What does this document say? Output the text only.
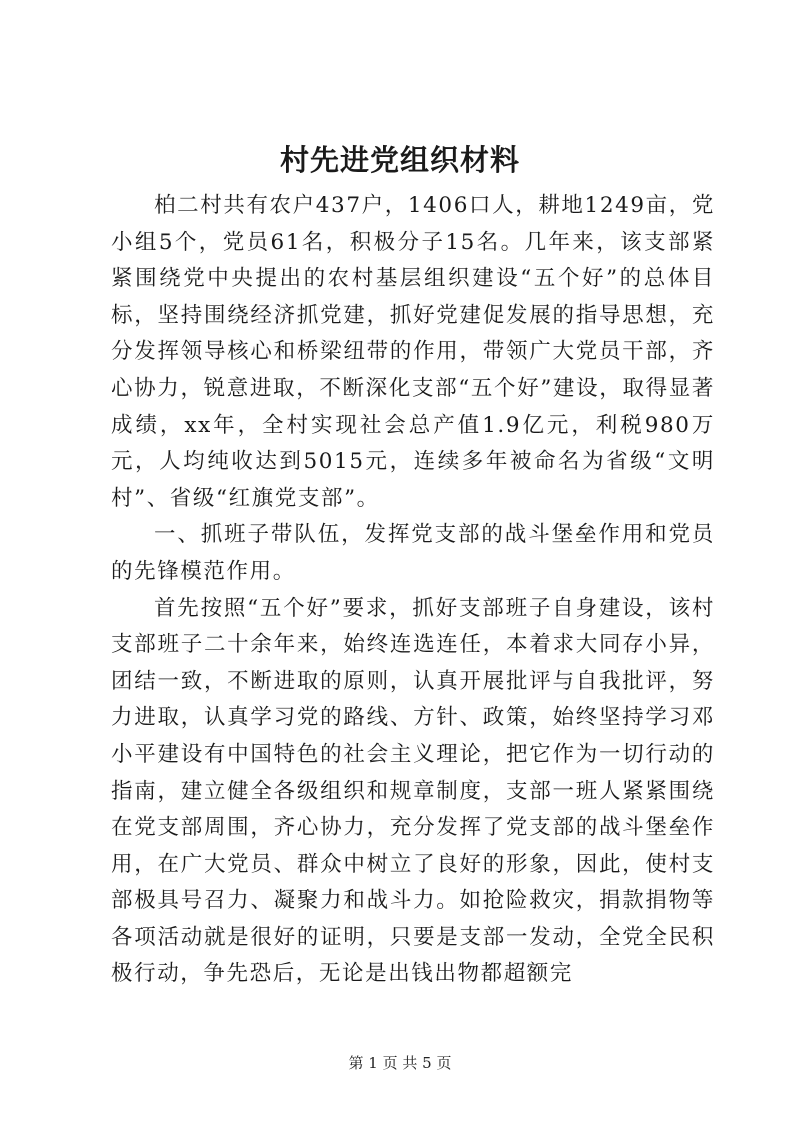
村先进党组织材料

柏二村共有农户437户，1406口人，耕地1249亩，党小组5个，党员61名，积极分子15名。几年来，该支部紧紧围绕党中央提出的农村基层组织建设“五个好”的总体目标，坚持围绕经济抓党建，抓好党建促发展的指导思想，充分发挥领导核心和桥梁纽带的作用，带领广大党员干部，齐心协力，锐意进取，不断深化支部“五个好”建设，取得显著成绩，xx年，全村实现社会总产值1.9亿元，利税980万元，人均纯收达到5015元，连续多年被命名为省级“文明村”、省级“红旗党支部”。

一、抓班子带队伍，发挥党支部的战斗堡垒作用和党员的先锋模范作用。

首先按照“五个好”要求，抓好支部班子自身建设，该村支部班子二十余年来，始终连选连任，本着求大同存小异，团结一致，不断进取的原则，认真开展批评与自我批评，努力进取，认真学习党的路线、方针、政策，始终坚持学习邓小平建设有中国特色的社会主义理论，把它作为一切行动的指南，建立健全各级组织和规章制度，支部一班人紧紧围绕在党支部周围，齐心协力，充分发挥了党支部的战斗堡垒作用，在广大党员、群众中树立了良好的形象，因此，使村支部极具号召力、凝聚力和战斗力。如抢险救灾，捐款捐物等各项活动就是很好的证明，只要是支部一发动，全党全民积极行动，争先恐后，无论是出钱出物都超额完

第 1 页 共 5 页
